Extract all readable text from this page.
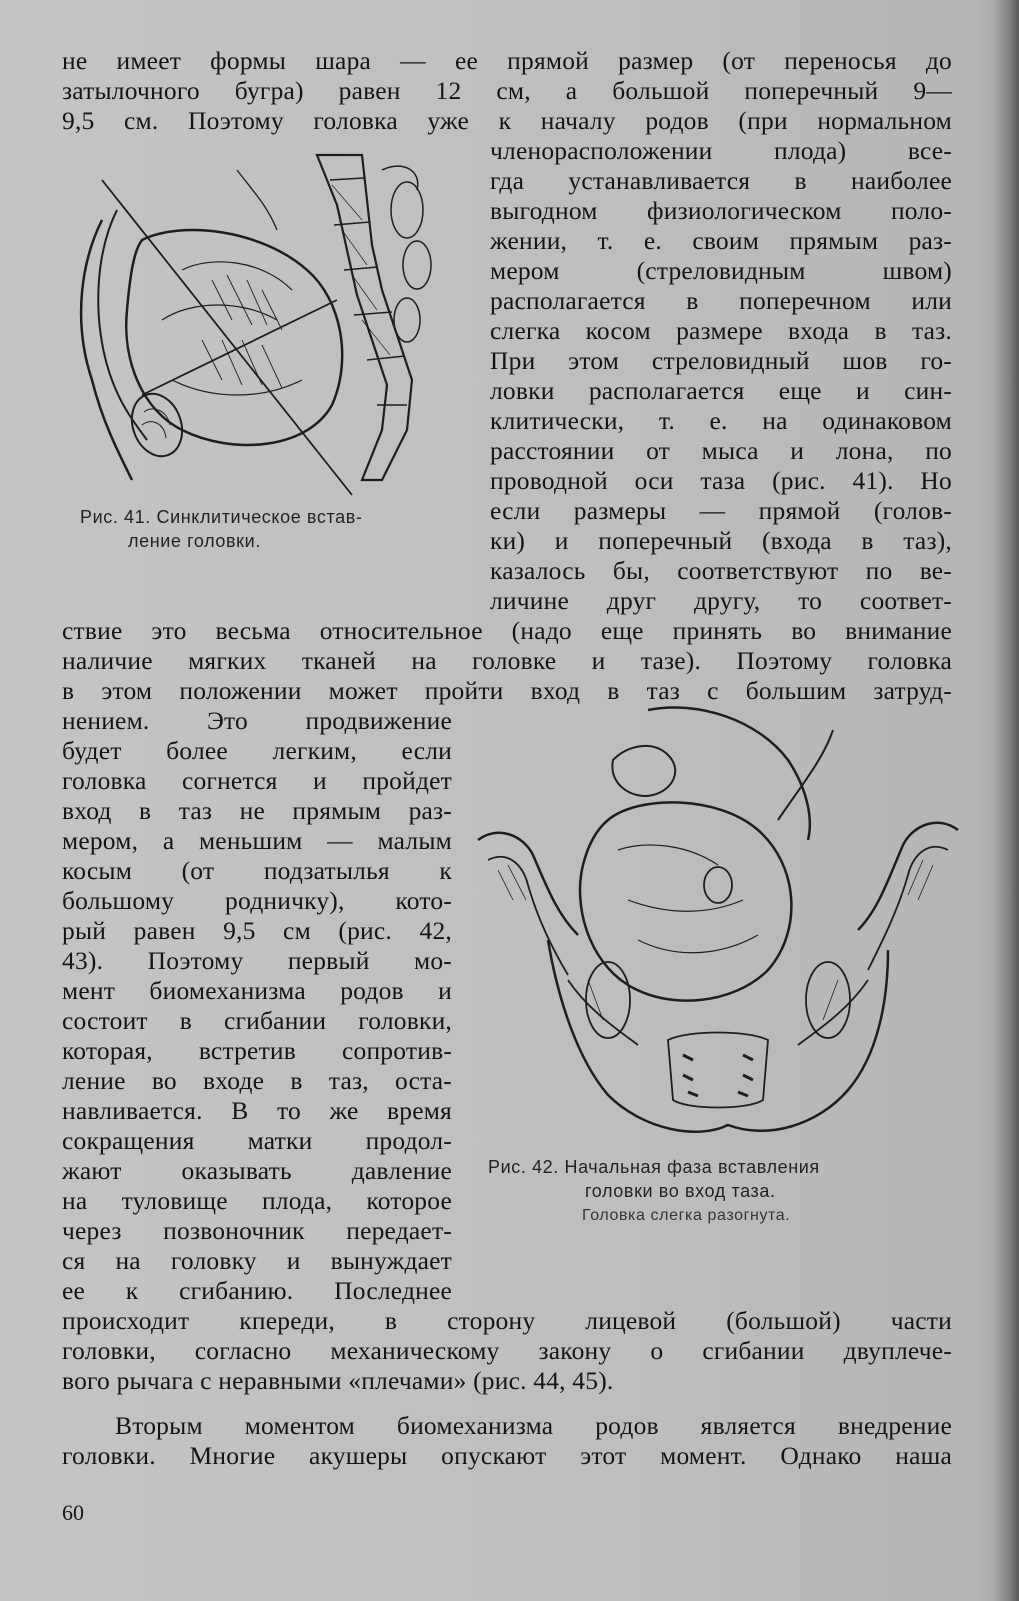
не имеет формы шара — ее прямой размер (от переносья до
затылочного бугра) равен 12 см, а большой поперечный 9—
9,5 см. Поэтому головка уже к началу родов (при нормальном
членорасположении плода) все-
гда устанавливается в наиболее
выгодном физиологическом поло-
жении, т. е. своим прямым раз-
мером (стреловидным швом)
располагается в поперечном или
слегка косом размере входа в таз.
При этом стреловидный шов го-
ловки располагается еще и син-
клитически, т. е. на одинаковом
расстоянии от мыса и лона, по
проводной оси таза (рис. 41). Но
если размеры — прямой (голов-
ки) и поперечный (входа в таз),
казалось бы, соответствуют по ве-
личине друг другу, то соответ-
Рис. 41. Синклитическое встав-
ление головки.
ствие это весьма относительное (надо еще принять во внимание
наличие мягких тканей на головке и тазе). Поэтому головка
в этом положении может пройти вход в таз с большим затруд-
нением. Это продвижение
будет более легким, если
головка согнется и пройдет
вход в таз не прямым раз-
мером, а меньшим — малым
косым (от подзатылья к
большому родничку), кото-
рый равен 9,5 см (рис. 42,
43). Поэтому первый мо-
мент биомеханизма родов и
состоит в сгибании головки,
которая, встретив сопротив-
ление во входе в таз, оста-
навливается. В то же время
сокращения матки продол-
жают оказывать давление
на туловище плода, которое
через позвоночник передает-
ся на головку и вынуждает
ее к сгибанию. Последнее
Рис. 42. Начальная фаза вставления
головки во вход таза.
Головка слегка разогнута.
происходит кпереди, в сторону лицевой (большой) части
головки, согласно механическому закону о сгибании двуплече-
вого рычага с неравными «плечами» (рис. 44, 45).
Вторым моментом биомеханизма родов является внедрение
головки. Многие акушеры опускают этот момент. Однако наша
60
